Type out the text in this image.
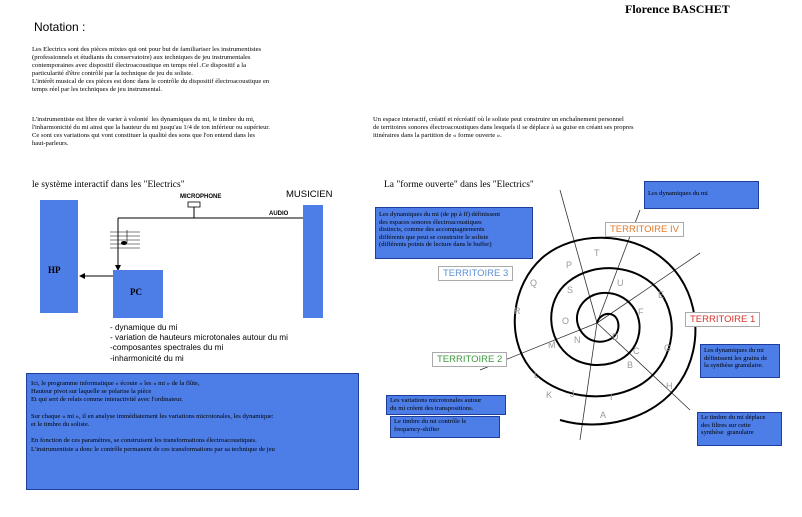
Florence BASCHET
Notation :
Les Electrics sont des pièces mixtes qui ont pour but de familiariser les instrumentistes
(professionnels et étudiants du conservatoire) aux techniques de jeu instrumentales
contemporaines avec dispositif électroacoustique en temps réel .Ce dispositif a la
particularité d'être contrôlé par la technique de jeu du soliste.
L'intérêt musical de ces pièces est donc dans le contrôle du dispositif électroacoustique en
temps réel par les techniques de jeu instrumental.
L'instrumentiste est libre de varier à volonté  les dynamiques du mi, le timbre du mi,
l'inharmonicité du mi ainsi que la hauteur du mi jusqu'au 1/4 de ton inférieur ou supérieur.
Ce sont ces variations qui vont constituer la qualité des sons que l'on entend dans les
haut-parleurs.
Un espace interactif, créatif et récréatif où le soliste peut construire un enchaînement personnel
de territoires sonores électroacoustiques dans lesquels il se déplace à sa guise en créant ses propres
itinéraires dans la partition de « forme ouverte ».
le système interactif dans les "Electrics"
MUSICIEN
MICROPHONE
AUDIO
HP
PC
- dynamique du mi
- variation de hauteurs microtonales autour du mi
-composantes spectrales du mi
-inharmonicité du mi
Ici, le programme informatique « écoute » les « mi » de la flûte,
Hauteur pivot sur laquelle se polarise la pièce
Et qui sert de relais comme interactivité avec l'ordinateur.

Sur chaque « mi », il en analyse immédiatement les variations microtonales, les dynamique:
et le timbre du soliste.

En fonction de ces paramètres, se construisent les transformations électroacoustiques.
L'instrumentiste a donc le contrôle permanent de ces transformations par sa technique de jeu
La "forme ouverte" dans les "Electrics"
Les dynamiques du mi
Les dynamiques du mi (de pp à ff) définissent
des espaces sonores électroacoustiques
distincts, comme des accompagnements
différents que peut se construire le soliste
(différents points de lecture dans le buffer)
Les dynamiques du mi
définissent les grains de
la synthèse granulaire.
Les variations microtonales autour
du mi créent des transpositions.
Le timbre du mi contrôle le
frequency-shifter
Le timbre du mi déplace
des filtres sur cette
synthèse  granulaire
TERRITOIRE IV
TERRITOIRE 3
TERRITOIRE 1
TERRITOIRE 2
T
P
U
S
F
E
Q
R
O
N
C
D
M
B
L
G
K J	I
H
A
